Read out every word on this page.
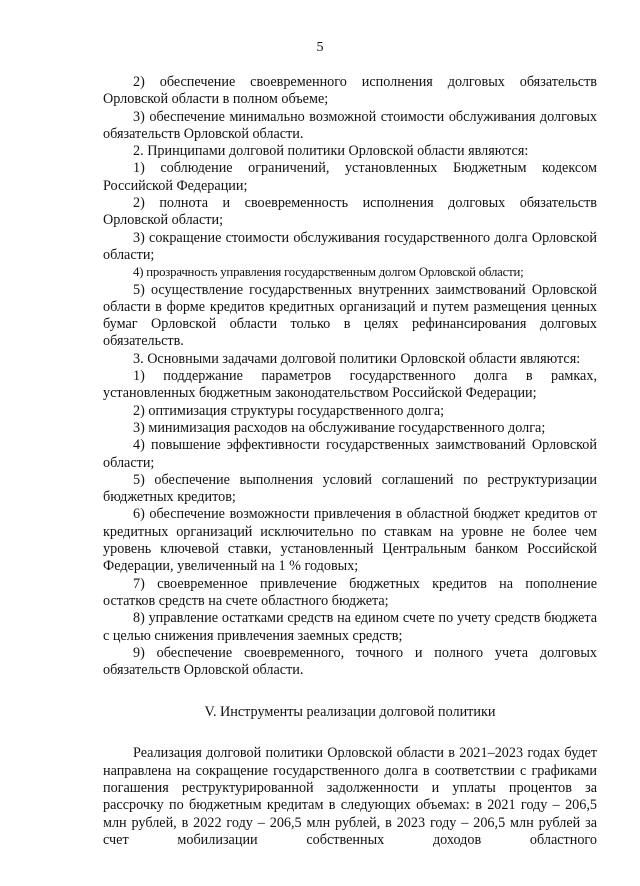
5

2) обеспечение своевременного исполнения долговых обязательств Орловской области в полном объеме;

3) обеспечение минимально возможной стоимости обслуживания долговых обязательств Орловской области.

2. Принципами долговой политики Орловской области являются:

1) соблюдение ограничений, установленных Бюджетным кодексом Российской Федерации;

2) полнота и своевременность исполнения долговых обязательств Орловской области;

3) сокращение стоимости обслуживания государственного долга Орловской области;

4) прозрачность управления государственным долгом Орловской области;

5) осуществление государственных внутренних заимствований Орловской области в форме кредитов кредитных организаций и путем размещения ценных бумаг Орловской области только в целях рефинансирования долговых обязательств.

3. Основными задачами долговой политики Орловской области являются:

1) поддержание параметров государственного долга в рамках, установленных бюджетным законодательством Российской Федерации;

2) оптимизация структуры государственного долга;

3) минимизация расходов на обслуживание государственного долга;

4) повышение эффективности государственных заимствований Орловской области;

5) обеспечение выполнения условий соглашений по реструктуризации бюджетных кредитов;

6) обеспечение возможности привлечения в областной бюджет кредитов от кредитных организаций исключительно по ставкам на уровне не более чем уровень ключевой ставки, установленный Центральным банком Российской Федерации, увеличенный на 1 % годовых;

7) своевременное привлечение бюджетных кредитов на пополнение остатков средств на счете областного бюджета;

8) управление остатками средств на едином счете по учету средств бюджета с целью снижения привлечения заемных средств;

9) обеспечение своевременного, точного и полного учета долговых обязательств Орловской области.

V. Инструменты реализации долговой политики

Реализация долговой политики Орловской области в 2021–2023 годах будет направлена на сокращение государственного долга в соответствии с графиками погашения реструктурированной задолженности и уплаты процентов за рассрочку по бюджетным кредитам в следующих объемах: в 2021 году – 206,5 млн рублей, в 2022 году – 206,5 млн рублей, в 2023 году – 206,5 млн рублей за счет мобилизации собственных доходов областного
